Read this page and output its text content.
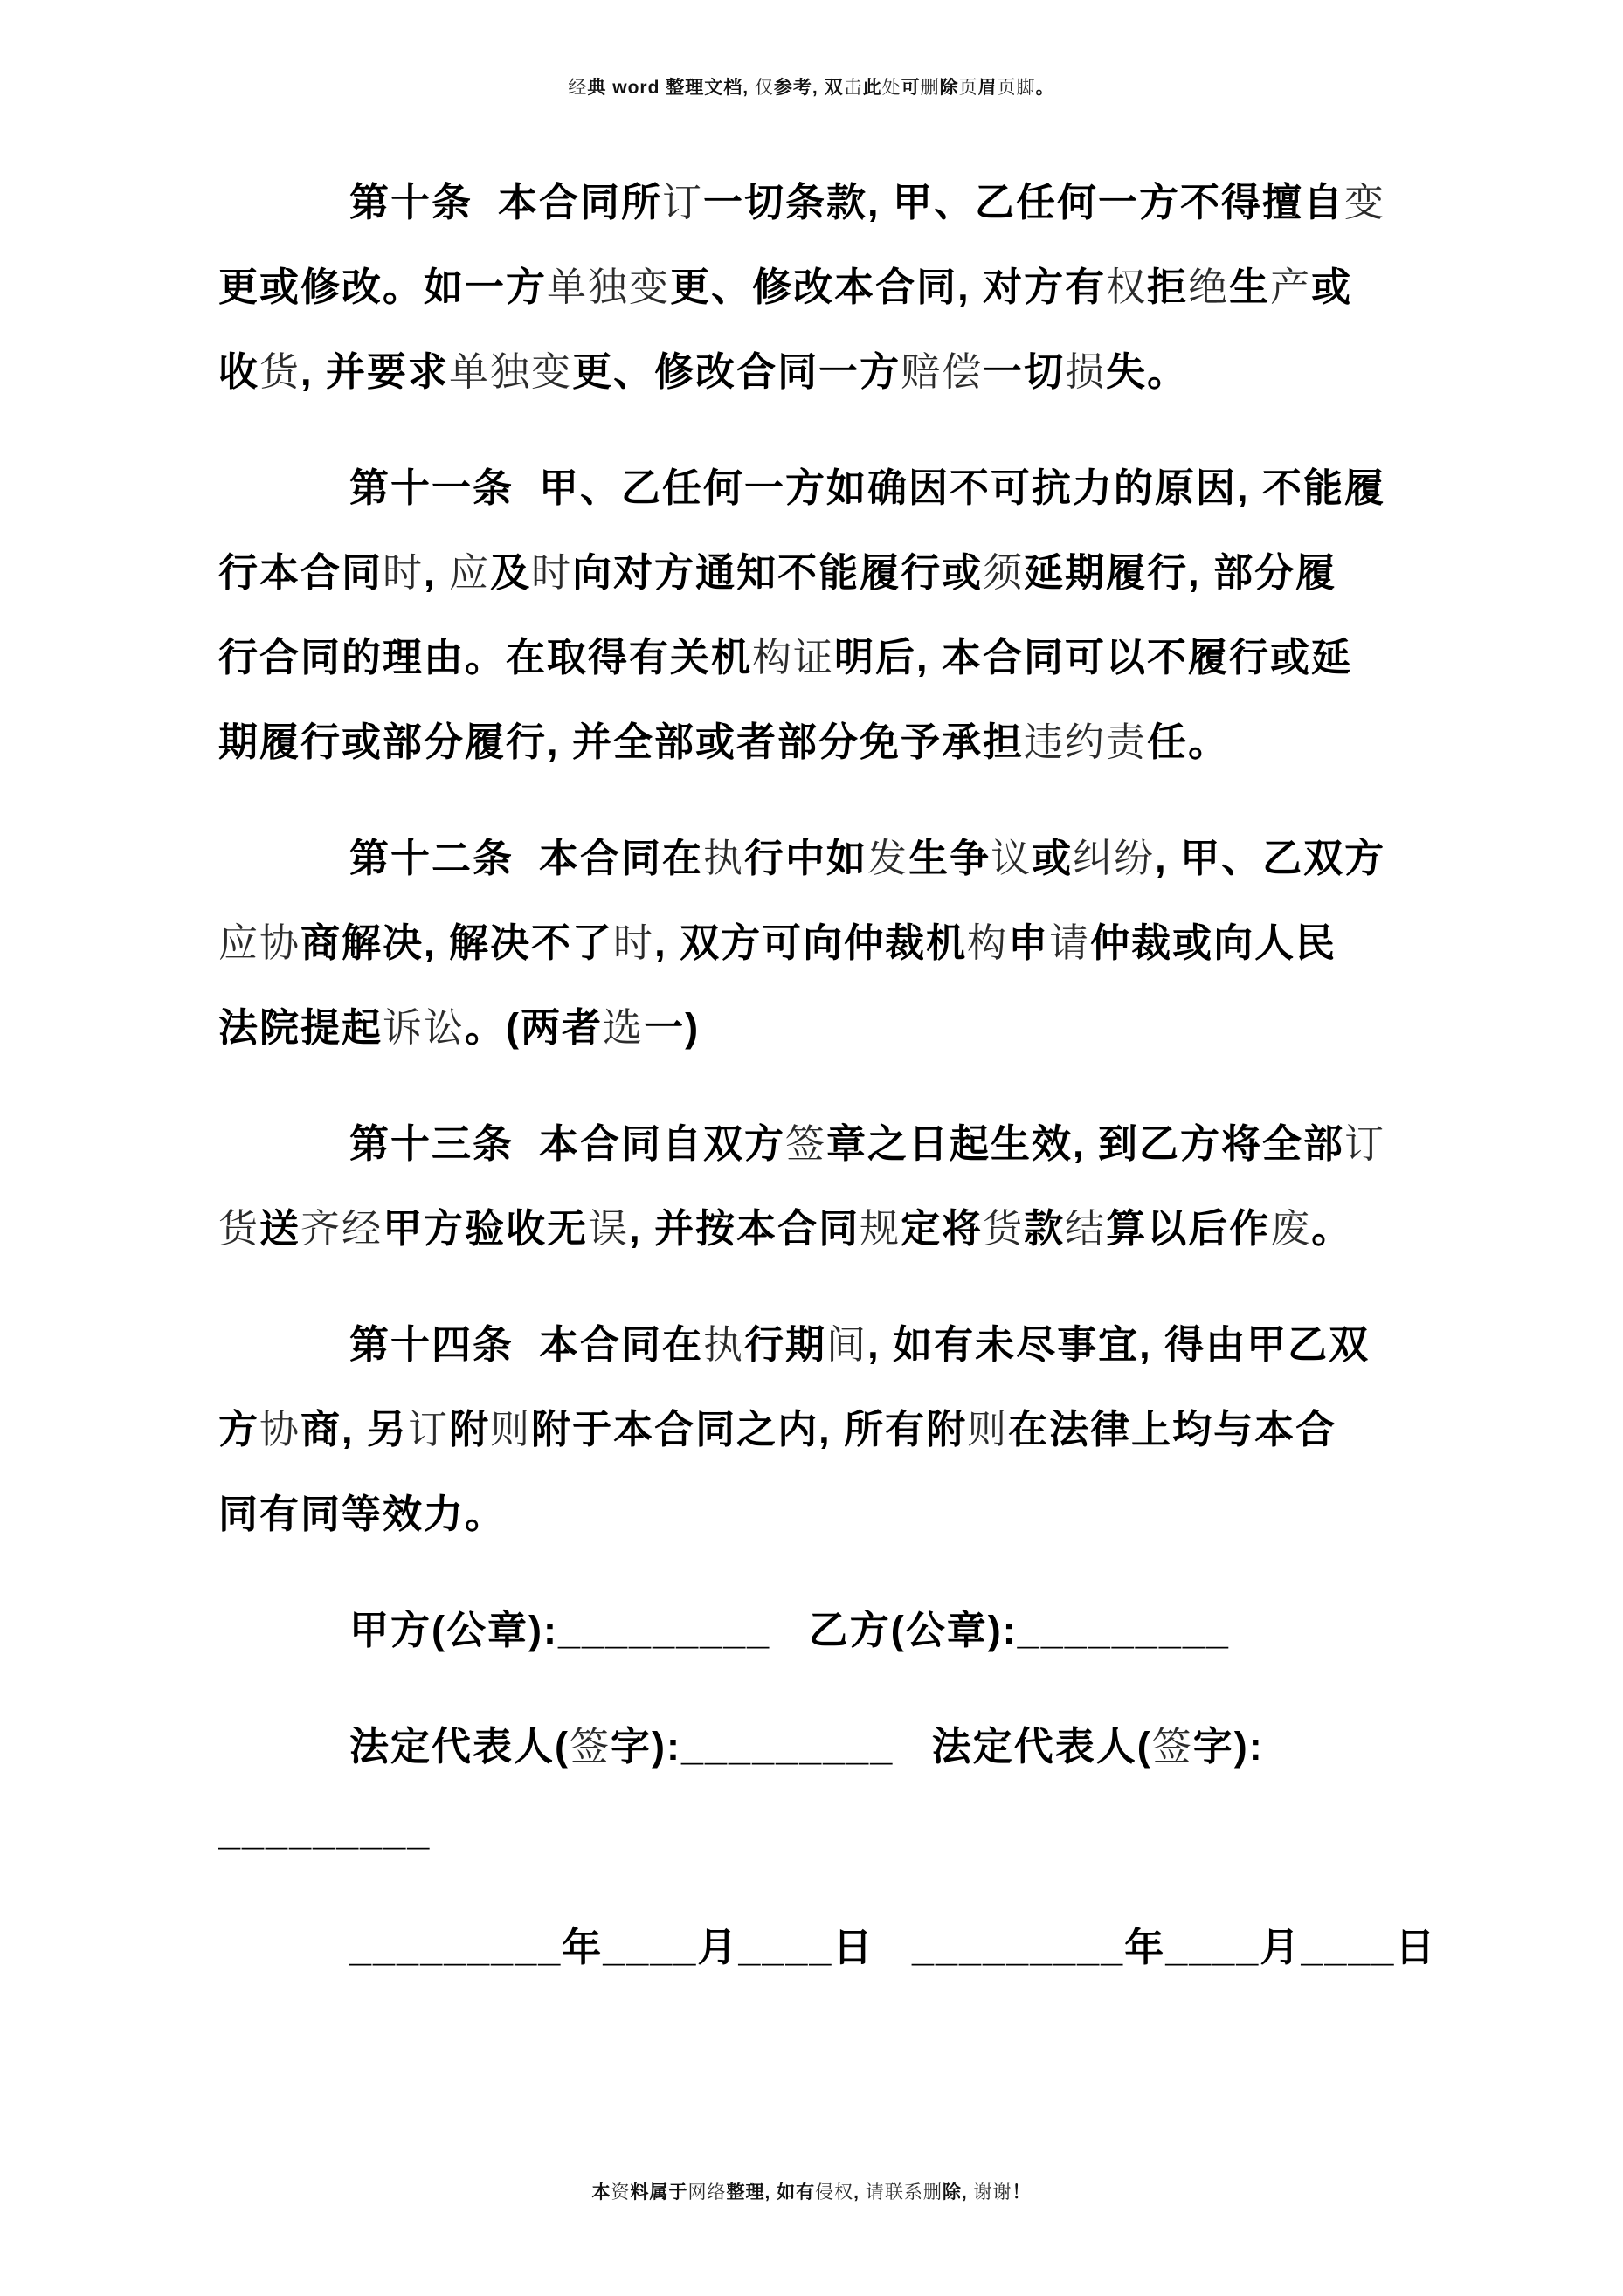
经典 word 整理文档, 仅参考, 双击此处可删除页眉页脚。
第十条  本合同所订一切条款, 甲、乙任何一方不得擅自变
更或修改。如一方单独变更、修改本合同, 对方有权拒绝生产或
收货, 并要求单独变更、修改合同一方赔偿一切损失。
第十一条  甲、乙任何一方如确因不可抗力的原因, 不能履
行本合同时, 应及时向对方通知不能履行或须延期履行, 部分履
行合同的理由。在取得有关机构证明后, 本合同可以不履行或延
期履行或部分履行, 并全部或者部分免予承担违约责任。
第十二条  本合同在执行中如发生争议或纠纷, 甲、乙双方
应协商解决, 解决不了时, 双方可向仲裁机构申请仲裁或向人民
法院提起诉讼。(两者选一)
第十三条  本合同自双方签章之日起生效, 到乙方将全部订
货送齐经甲方验收无误, 并按本合同规定将货款结算以后作废。
第十四条  本合同在执行期间, 如有未尽事宜, 得由甲乙双
方协商, 另订附则附于本合同之内, 所有附则在法律上均与本合
同有同等效力。
甲方(公章):_________   乙方(公章):_________
法定代表人(签字):_________   法定代表人(签字):
_________
_________年____月____日   _________年____月____日
本资料属于网络整理, 如有侵权, 请联系删除, 谢谢！
